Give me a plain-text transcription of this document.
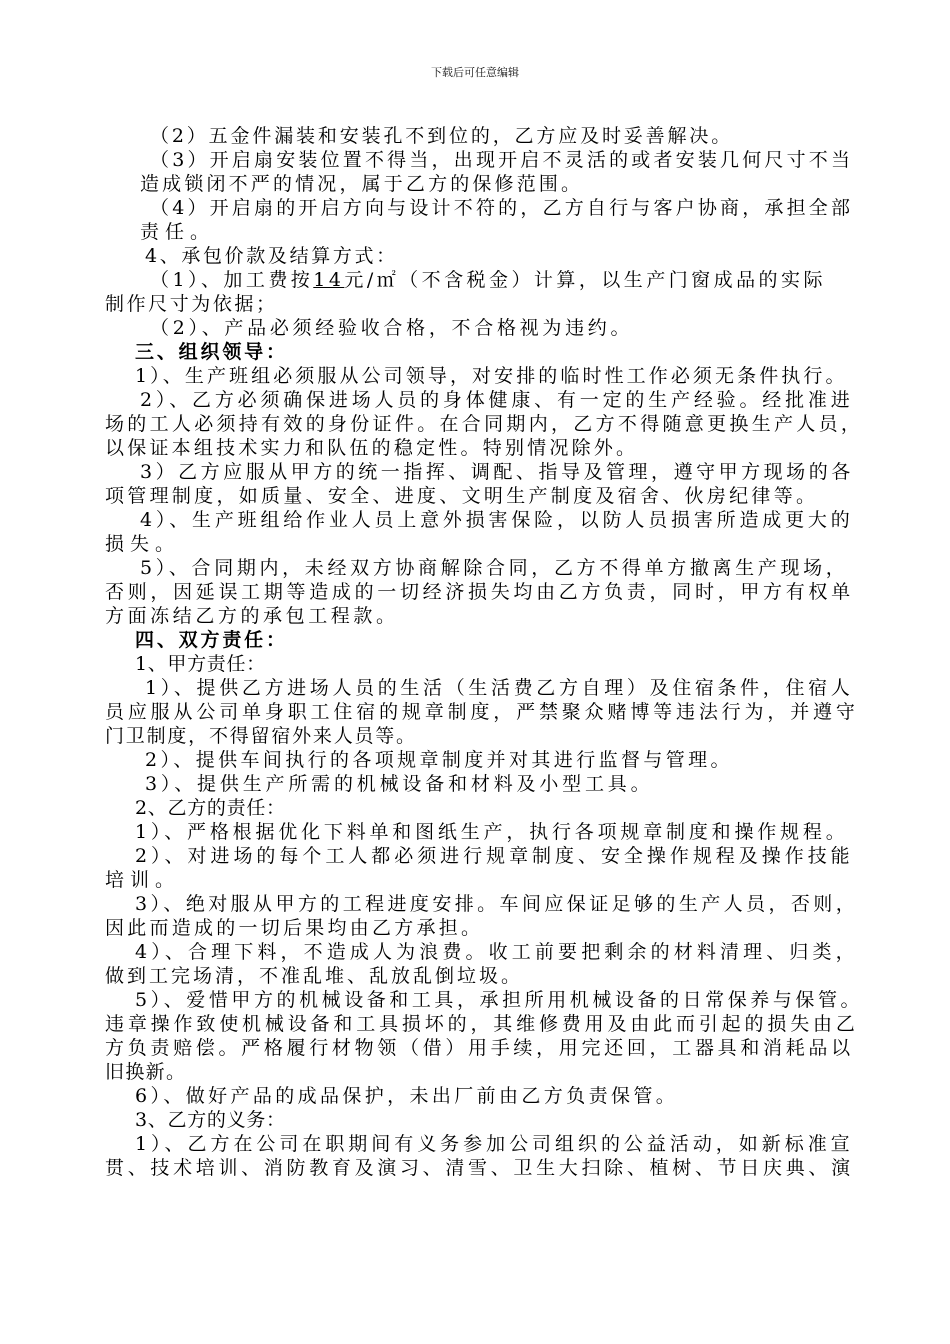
下载后可任意编辑
（2）五金件漏装和安装孔不到位的，乙方应及时妥善解决。
（3）开启扇安装位置不得当，出现开启不灵活的或者安装几何尺寸不当
造成锁闭不严的情况，属于乙方的保修范围。
（4）开启扇的开启方向与设计不符的，乙方自行与客户协商，承担全部
责任。
4、承包价款及结算方式：
（1）、加工费按14元/㎡（不含税金）计算，以生产门窗成品的实际
制作尺寸为依据；
（2）、产品必须经验收合格，不合格视为违约。
三、组织领导：
1）、生产班组必须服从公司领导，对安排的临时性工作必须无条件执行。
2）、乙方必须确保进场人员的身体健康、有一定的生产经验。经批准进
场的工人必须持有效的身份证件。在合同期内，乙方不得随意更换生产人员，
以保证本组技术实力和队伍的稳定性。特别情况除外。
3）乙方应服从甲方的统一指挥、调配、指导及管理，遵守甲方现场的各
项管理制度，如质量、安全、进度、文明生产制度及宿舍、伙房纪律等。
4）、生产班组给作业人员上意外损害保险，以防人员损害所造成更大的
损失。
5）、合同期内，未经双方协商解除合同，乙方不得单方撤离生产现场，
否则，因延误工期等造成的一切经济损失均由乙方负责，同时，甲方有权单
方面冻结乙方的承包工程款。
四、双方责任：
1、甲方责任：
1）、提供乙方进场人员的生活（生活费乙方自理）及住宿条件，住宿人
员应服从公司单身职工住宿的规章制度，严禁聚众赌博等违法行为，并遵守
门卫制度，不得留宿外来人员等。
2）、提供车间执行的各项规章制度并对其进行监督与管理。
3）、提供生产所需的机械设备和材料及小型工具。
2、乙方的责任：
1）、严格根据优化下料单和图纸生产，执行各项规章制度和操作规程。
2）、对进场的每个工人都必须进行规章制度、安全操作规程及操作技能
培训。
3）、绝对服从甲方的工程进度安排。车间应保证足够的生产人员，否则，
因此而造成的一切后果均由乙方承担。
4）、合理下料，不造成人为浪费。收工前要把剩余的材料清理、归类，
做到工完场清，不准乱堆、乱放乱倒垃圾。
5）、爱惜甲方的机械设备和工具，承担所用机械设备的日常保养与保管。
违章操作致使机械设备和工具损坏的，其维修费用及由此而引起的损失由乙
方负责赔偿。严格履行材物领（借）用手续，用完还回，工器具和消耗品以
旧换新。
6）、做好产品的成品保护，未出厂前由乙方负责保管。
3、乙方的义务：
1）、乙方在公司在职期间有义务参加公司组织的公益活动，如新标准宣
贯、技术培训、消防教育及演习、清雪、卫生大扫除、植树、节日庆典、演
